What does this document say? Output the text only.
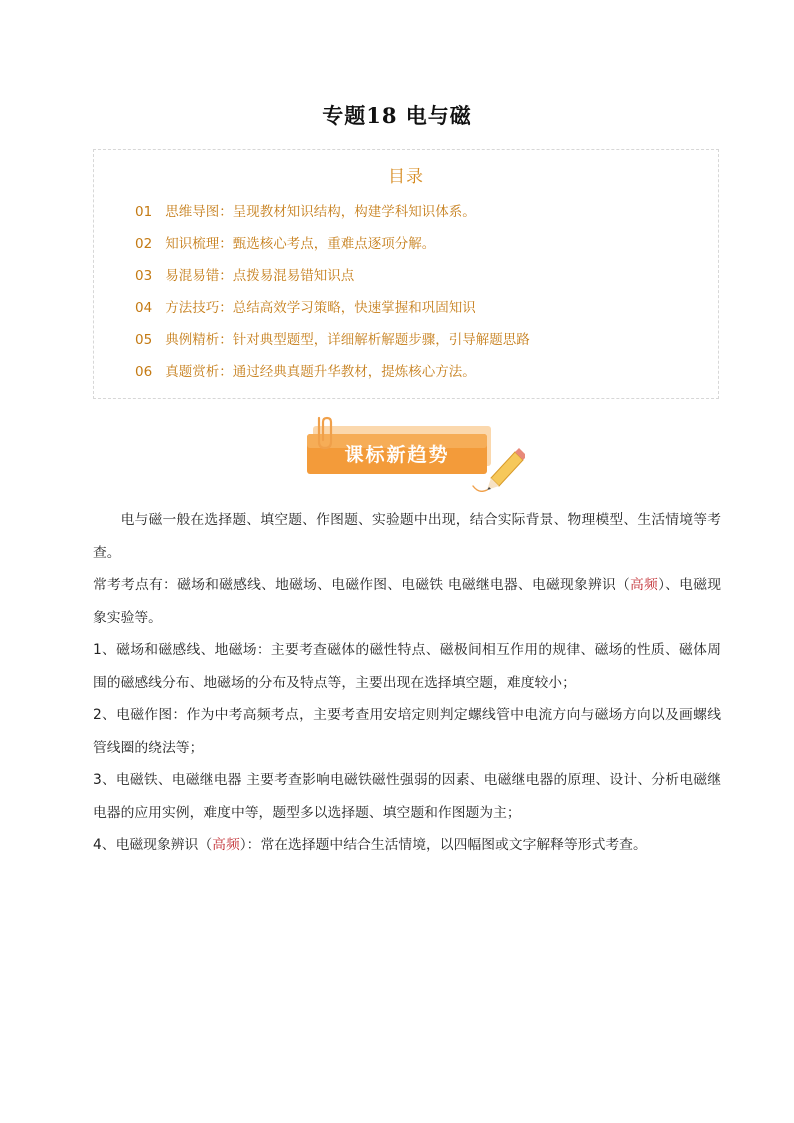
专题18 电与磁
目录
01 思维导图：呈现教材知识结构，构建学科知识体系。
02 知识梳理：甄选核心考点，重难点逐项分解。
03 易混易错：点拨易混易错知识点
04 方法技巧：总结高效学习策略，快速掌握和巩固知识
05 典例精析：针对典型题型，详细解析解题步骤，引导解题思路
06 真题赏析：通过经典真题升华教材，提炼核心方法。
课标新趋势

电与磁一般在选择题、填空题、作图题、实验题中出现，结合实际背景、物理模型、生活情境等考查。

常考考点有：磁场和磁感线、地磁场、电磁作图、电磁铁 电磁继电器、电磁现象辨识（高频）、电磁现象实验等。

1、磁场和磁感线、地磁场：主要考查磁体的磁性特点、磁极间相互作用的规律、磁场的性质、磁体周围的磁感线分布、地磁场的分布及特点等，主要出现在选择填空题，难度较小；

2、电磁作图：作为中考高频考点，主要考查用安培定则判定螺线管中电流方向与磁场方向以及画螺线管线圈的绕法等；

3、电磁铁、电磁继电器 主要考查影响电磁铁磁性强弱的因素、电磁继电器的原理、设计、分析电磁继电器的应用实例，难度中等，题型多以选择题、填空题和作图题为主；

4、电磁现象辨识（高频）：常在选择题中结合生活情境，以四幅图或文字解释等形式考查。
